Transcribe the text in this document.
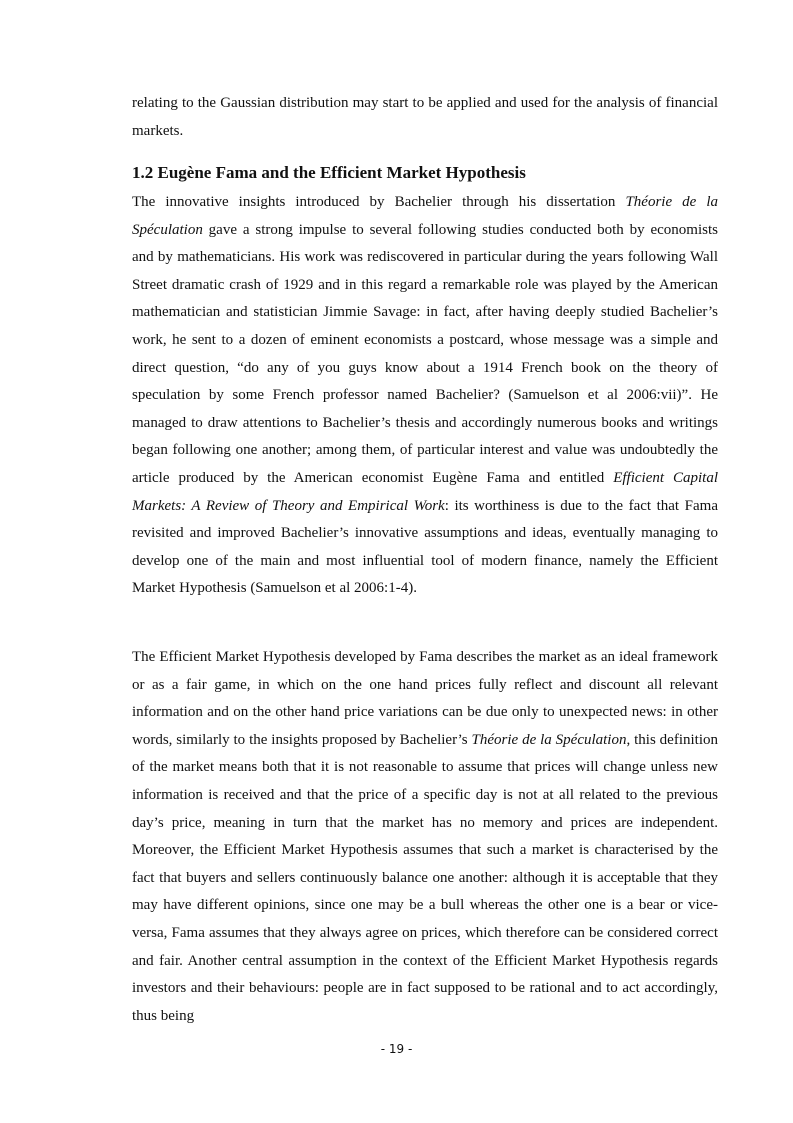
relating to the Gaussian distribution may start to be applied and used for the analysis of financial markets.

1.2 Eugène Fama and the Efficient Market Hypothesis

The innovative insights introduced by Bachelier through his dissertation Théorie de la Spéculation gave a strong impulse to several following studies conducted both by economists and by mathematicians. His work was rediscovered in particular during the years following Wall Street dramatic crash of 1929 and in this regard a remarkable role was played by the American mathematician and statistician Jimmie Savage: in fact, after having deeply studied Bachelier’s work, he sent to a dozen of eminent economists a postcard, whose message was a simple and direct question, “do any of you guys know about a 1914 French book on the theory of speculation by some French professor named Bachelier? (Samuelson et al 2006:vii)”. He managed to draw attentions to Bachelier’s thesis and accordingly numerous books and writings began following one another; among them, of particular interest and value was undoubtedly the article produced by the American economist Eugène Fama and entitled Efficient Capital Markets: A Review of Theory and Empirical Work: its worthiness is due to the fact that Fama revisited and improved Bachelier’s innovative assumptions and ideas, eventually managing to develop one of the main and most influential tool of modern finance, namely the Efficient Market Hypothesis (Samuelson et al 2006:1-4).

The Efficient Market Hypothesis developed by Fama describes the market as an ideal framework or as a fair game, in which on the one hand prices fully reflect and discount all relevant information and on the other hand price variations can be due only to unexpected news: in other words, similarly to the insights proposed by Bachelier’s Théorie de la Spéculation, this definition of the market means both that it is not reasonable to assume that prices will change unless new information is received and that the price of a specific day is not at all related to the previous day’s price, meaning in turn that the market has no memory and prices are independent. Moreover, the Efficient Market Hypothesis assumes that such a market is characterised by the fact that buyers and sellers continuously balance one another: although it is acceptable that they may have different opinions, since one may be a bull whereas the other one is a bear or vice-versa, Fama assumes that they always agree on prices, which therefore can be considered correct and fair. Another central assumption in the context of the Efficient Market Hypothesis regards investors and their behaviours: people are in fact supposed to be rational and to act accordingly, thus being

- 19 -
